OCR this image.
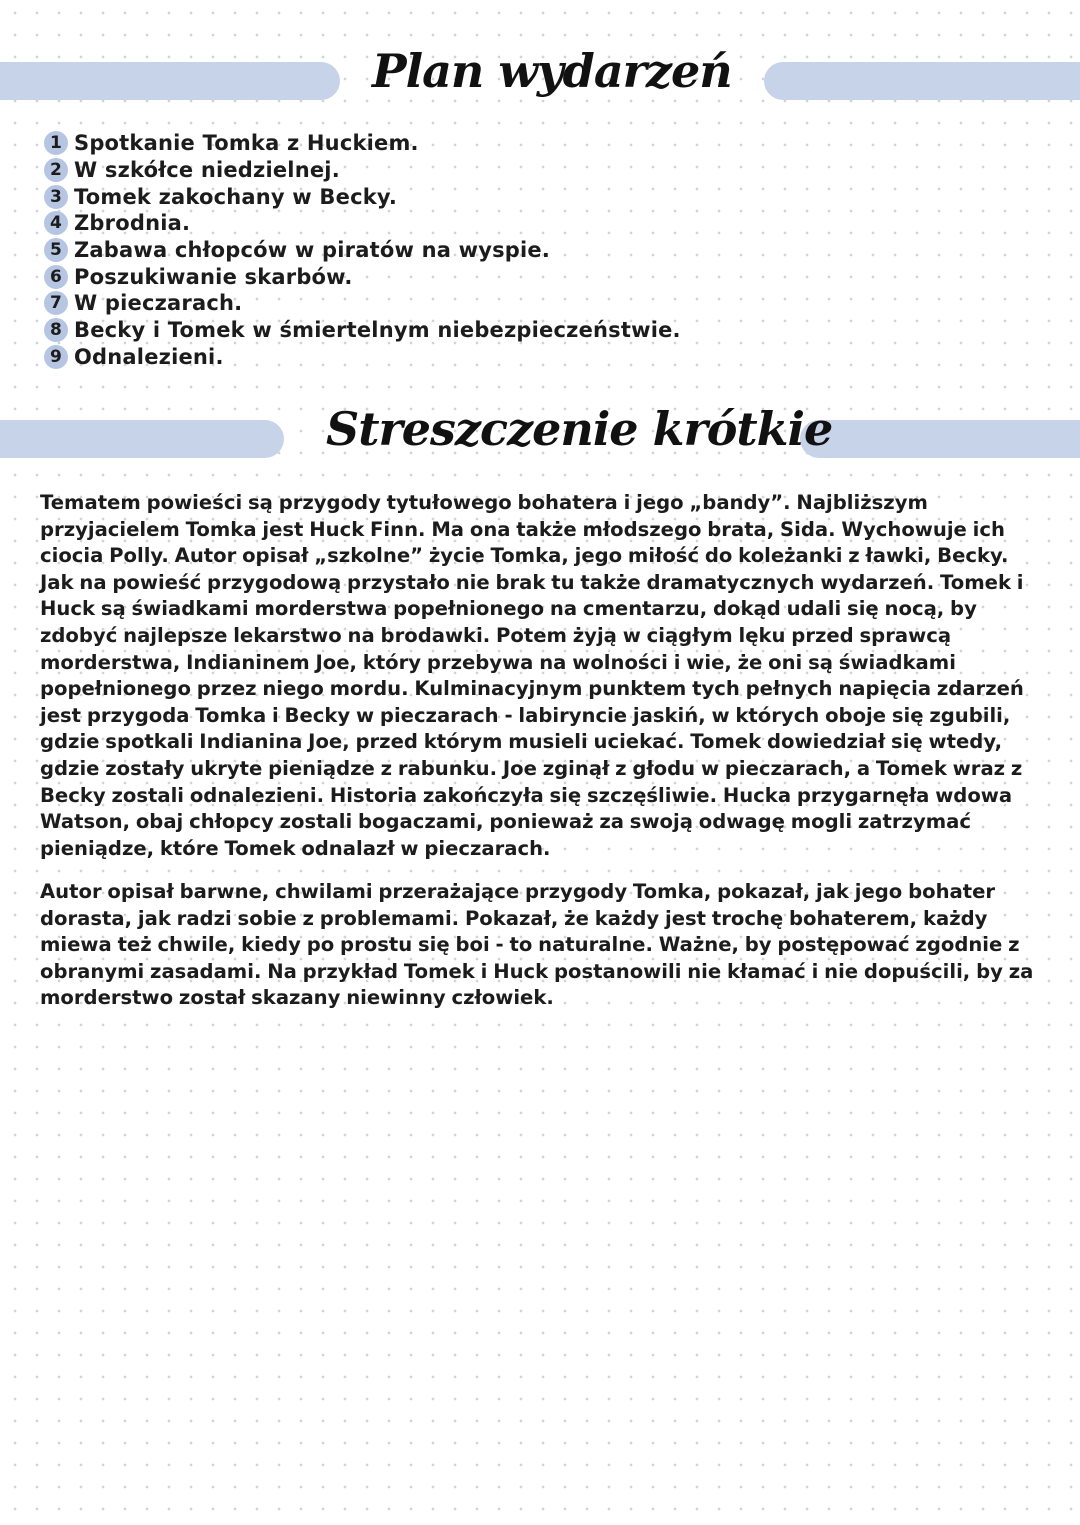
Plan wydarzeń
1 Spotkanie Tomka z Huckiem.
2 W szkółce niedzielnej.
3 Tomek zakochany w Becky.
4 Zbrodnia.
5 Zabawa chłopców w piratów na wyspie.
6 Poszukiwanie skarbów.
7 W pieczarach.
8 Becky i Tomek w śmiertelnym niebezpieczeństwie.
9 Odnalezieni.
Streszczenie krótkie

Tematem powieści są przygody tytułowego bohatera i jego „bandy”. Najbliższym przyjacielem Tomka jest Huck Finn. Ma ona także młodszego brata, Sida. Wychowuje ich ciocia Polly. Autor opisał „szkolne” życie Tomka, jego miłość do koleżanki z ławki, Becky. Jak na powieść przygodową przystało nie brak tu także dramatycznych wydarzeń. Tomek i Huck są świadkami morderstwa popełnionego na cmentarzu, dokąd udali się nocą, by zdobyć najlepsze lekarstwo na brodawki. Potem żyją w ciągłym lęku przed sprawcą morderstwa, Indianinem Joe, który przebywa na wolności i wie, że oni są świadkami popełnionego przez niego mordu. Kulminacyjnym punktem tych pełnych napięcia zdarzeń jest przygoda Tomka i Becky w pieczarach - labiryncie jaskiń, w których oboje się zgubili, gdzie spotkali Indianina Joe, przed którym musieli uciekać. Tomek dowiedział się wtedy, gdzie zostały ukryte pieniądze z rabunku. Joe zginął z głodu w pieczarach, a Tomek wraz z Becky zostali odnalezieni. Historia zakończyła się szczęśliwie. Hucka przygarnęła wdowa Watson, obaj chłopcy zostali bogaczami, ponieważ za swoją odwagę mogli zatrzymać pieniądze, które Tomek odnalazł w pieczarach.

Autor opisał barwne, chwilami przerażające przygody Tomka, pokazał, jak jego bohater dorasta, jak radzi sobie z problemami. Pokazał, że każdy jest trochę bohaterem, każdy miewa też chwile, kiedy po prostu się boi - to naturalne. Ważne, by postępować zgodnie z obranymi zasadami. Na przykład Tomek i Huck postanowili nie kłamać i nie dopuścili, by za morderstwo został skazany niewinny człowiek.
